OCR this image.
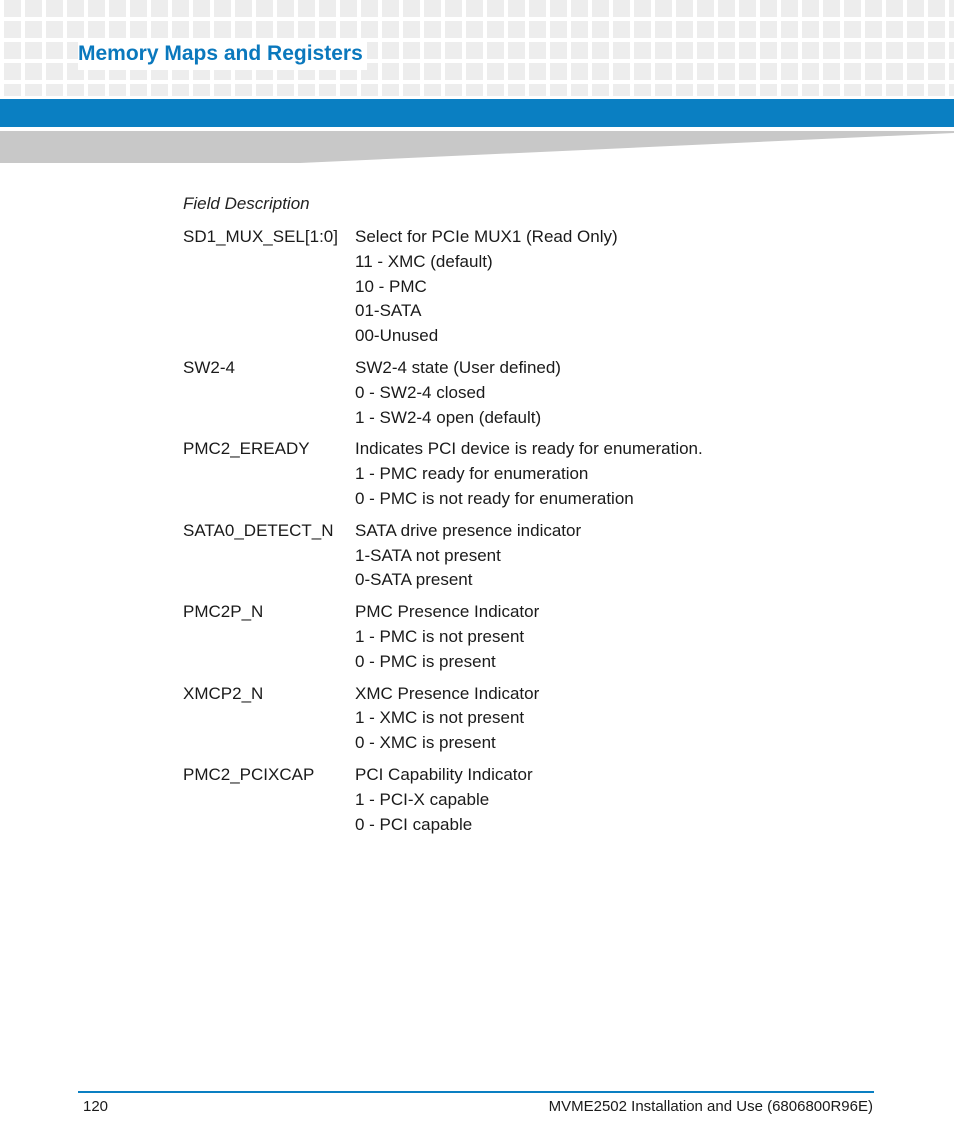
Memory Maps and Registers
Field Description
SD1_MUX_SEL[1:0]	Select for PCIe MUX1 (Read Only)
11 - XMC (default)
10 - PMC
01-SATA
00-Unused
SW2-4	SW2-4 state (User defined)
0 - SW2-4 closed
1 - SW2-4 open (default)
PMC2_EREADY	Indicates PCI device is ready for enumeration.
1 - PMC ready for enumeration
0 - PMC is not ready for enumeration
SATA0_DETECT_N	SATA drive presence indicator
1-SATA not present
0-SATA present
PMC2P_N	PMC Presence Indicator
1 - PMC is not present
0 - PMC is present
XMCP2_N	XMC Presence Indicator
1 - XMC is not present
0 - XMC is present
PMC2_PCIXCAP	PCI Capability Indicator
1 - PCI-X capable
0 - PCI capable
120	MVME2502 Installation and Use (6806800R96E)
